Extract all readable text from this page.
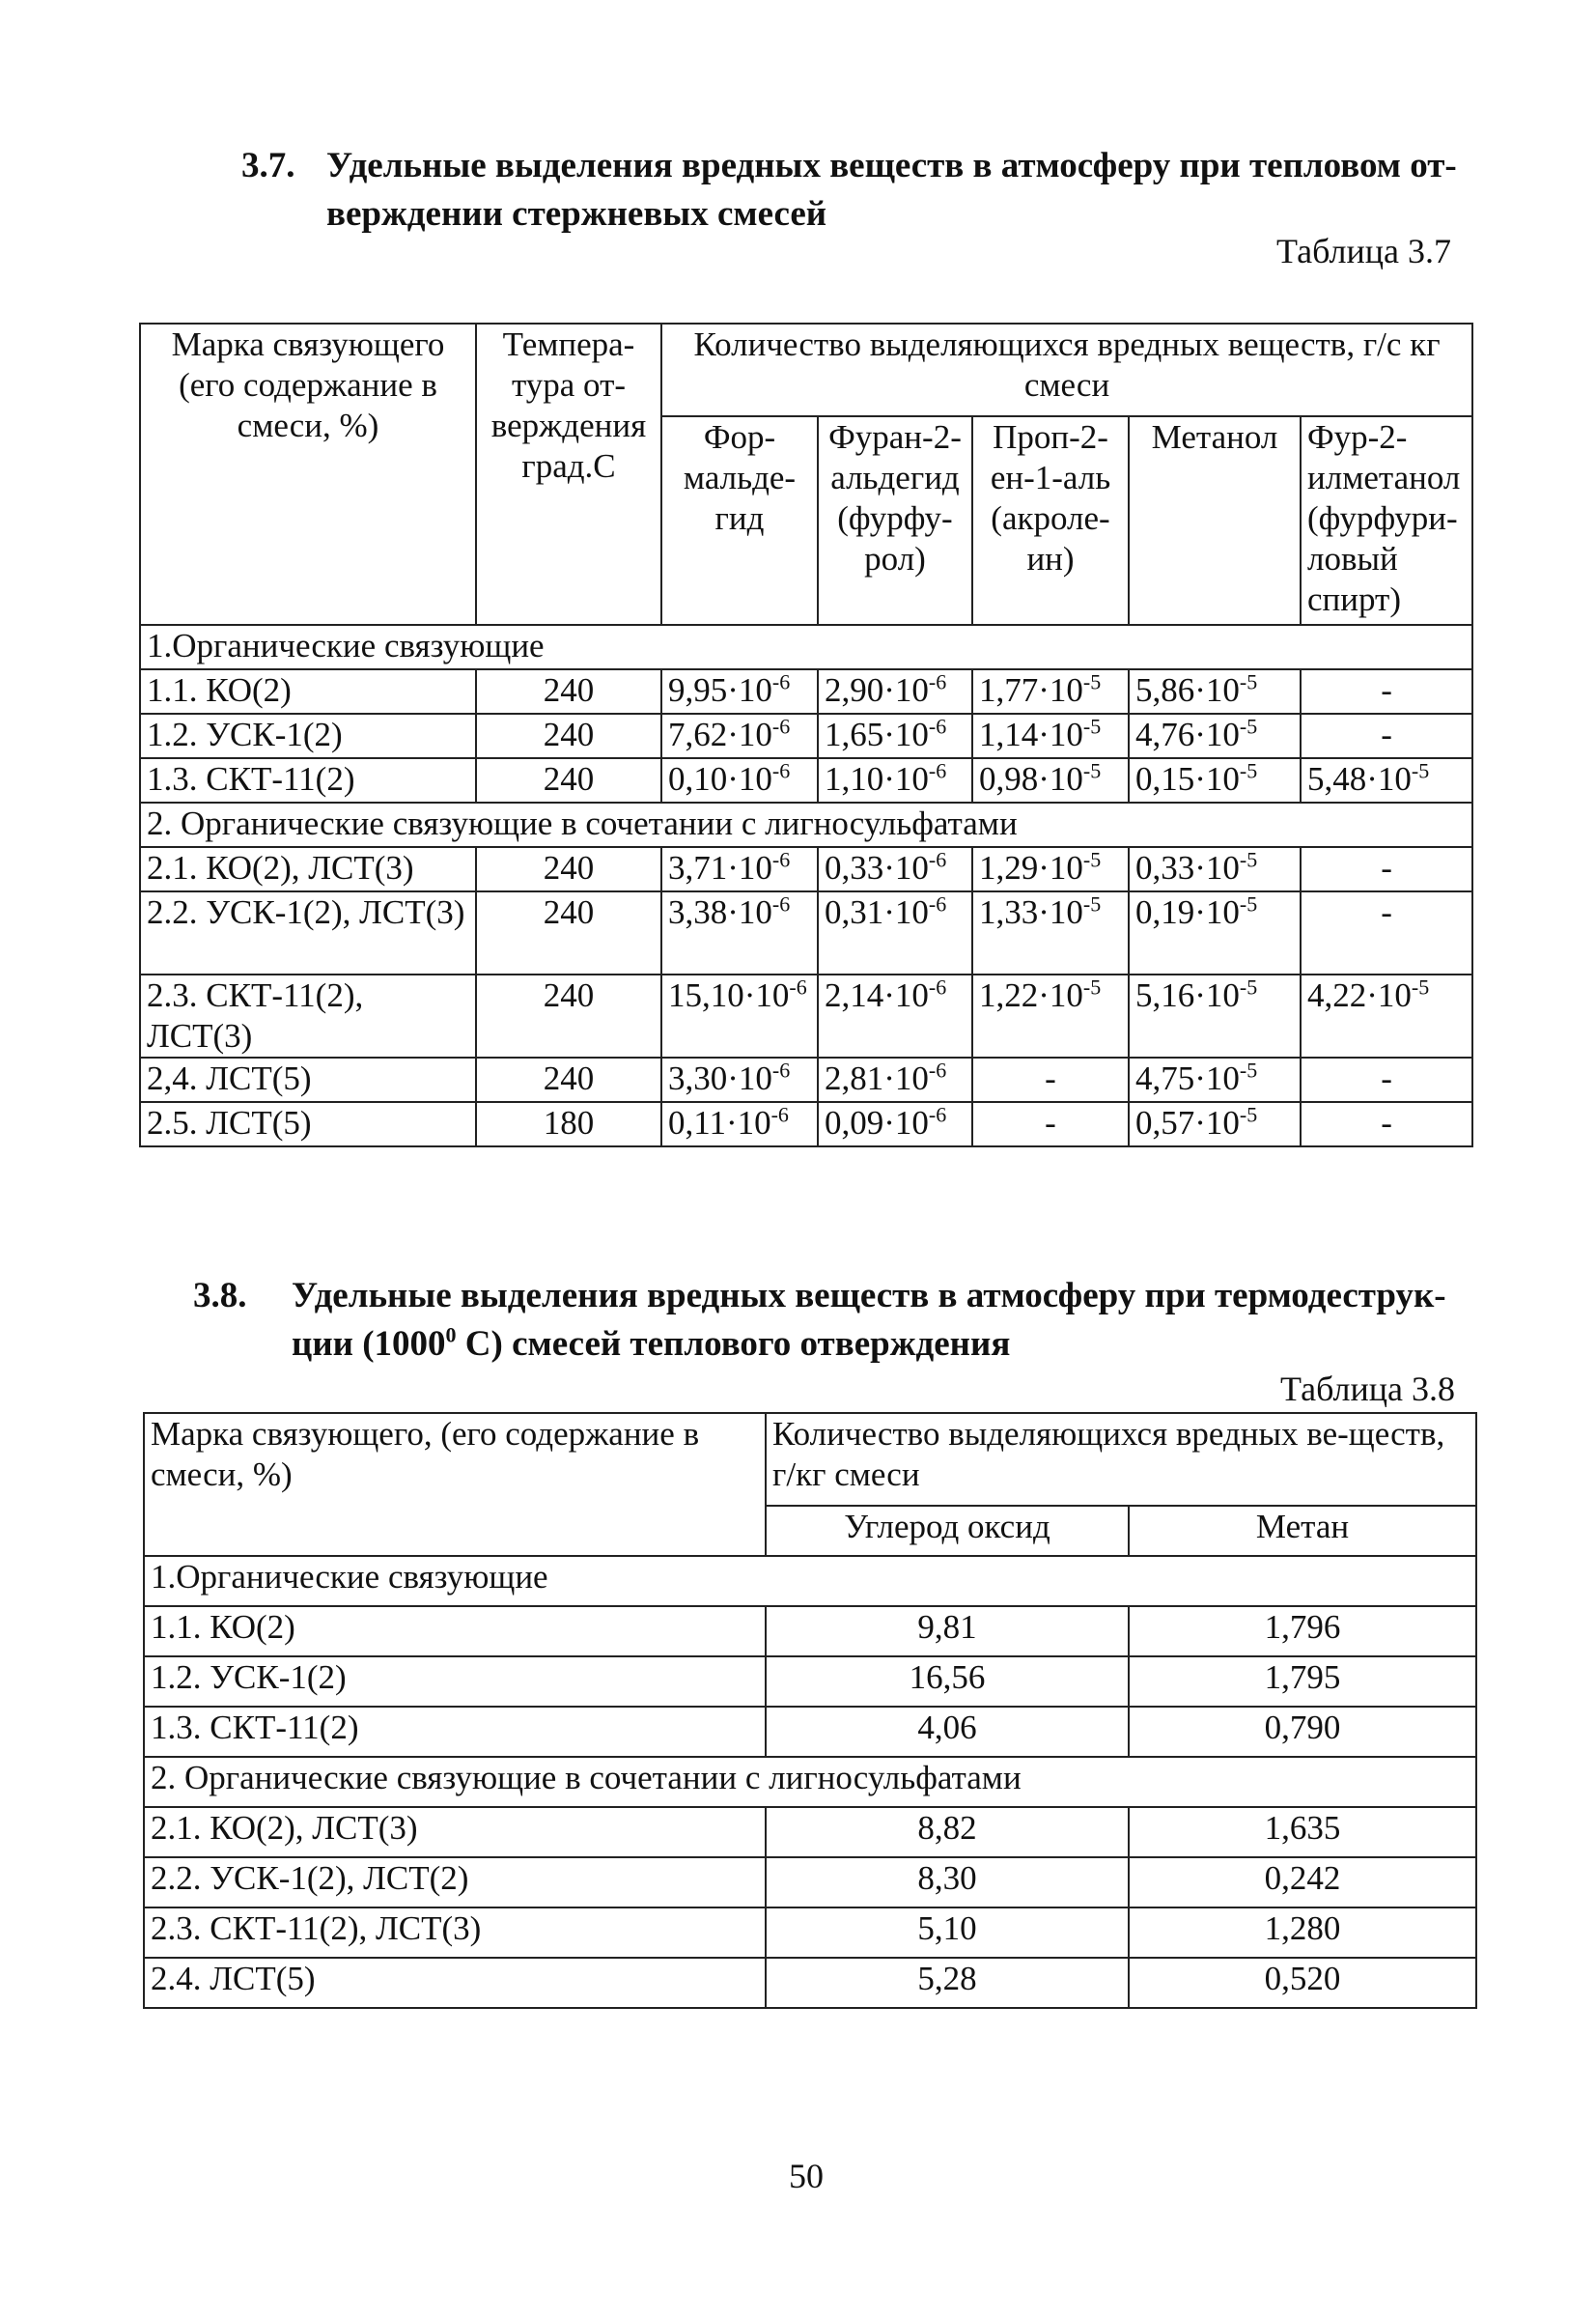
3.7. Удельные выделения вредных веществ в атмосферу при тепловом от-
верждении стержневых смесей
Таблица 3.7
Марка связующего (его содержание в смеси, %)	Темпера-тура от-верждения град.С	Количество выделяющихся вредных веществ, г/с кг смеси				
		Фор-мальде-гид	Фуран-2-альдегид (фурфу-рол)	Проп-2-ен-1-аль (акроле-ин)	Метанол	Фур-2-илметанол (фурфури-ловый спирт)
1.Органические связующие						
1.1. КО(2)	240	$9,95\cdot 10^{-6}$	$2,90\cdot 10^{-6}$	$1,77\cdot 10^{-5}$	$5,86\cdot 10^{-5}$	-
1.2. УСК-1(2)	240	$7,62\cdot 10^{-6}$	$1,65\cdot 10^{-6}$	$1,14\cdot 10^{-5}$	$4,76\cdot 10^{-5}$	-
1.3. СКТ-11(2)	240	$0,10\cdot 10^{-6}$	$1,10\cdot 10^{-6}$	$0,98\cdot 10^{-5}$	$0,15\cdot 10^{-5}$	$5,48\cdot 10^{-5}$
2. Органические связующие в сочетании с лигносульфатами						
2.1. КО(2), ЛСТ(3)	240	$3,71\cdot 10^{-6}$	$0,33\cdot 10^{-6}$	$1,29\cdot 10^{-5}$	$0,33\cdot 10^{-5}$	-
2.2. УСК-1(2), ЛСТ(3)	240	$3,38\cdot 10^{-6}$	$0,31\cdot 10^{-6}$	$1,33\cdot 10^{-5}$	$0,19\cdot 10^{-5}$	-
2.3. СКТ-11(2), ЛСТ(3)	240	$15,10\cdot 10^{-6}$	$2,14\cdot 10^{-6}$	$1,22\cdot 10^{-5}$	$5,16\cdot 10^{-5}$	$4,22\cdot 10^{-5}$
2,4. ЛСТ(5)	240	$3,30\cdot 10^{-6}$	$2,81\cdot 10^{-6}$	-	$4,75\cdot 10^{-5}$	-
2.5. ЛСТ(5)	180	$0,11\cdot 10^{-6}$	$0,09\cdot 10^{-6}$	-	$0,57\cdot 10^{-5}$	-
3.8. Удельные выделения вредных веществ в атмосферу при термодеструк-
ции (1000$^0$ С) смесей теплового отверждения
Таблица 3.8
Марка связующего, (его содержание в смеси, %)	Количество выделяющихся вредных ве-ществ, г/кг смеси	
	Углерод оксид	Метан
1.Органические связующие		
1.1. КО(2)	9,81	1,796
1.2. УСК-1(2)	16,56	1,795
1.3. СКТ-11(2)	4,06	0,790
2. Органические связующие в сочетании с лигносульфатами		
2.1. КО(2), ЛСТ(3)	8,82	1,635
2.2. УСК-1(2), ЛСТ(2)	8,30	0,242
2.3. СКТ-11(2), ЛСТ(3)	5,10	1,280
2.4. ЛСТ(5)	5,28	0,520
50
